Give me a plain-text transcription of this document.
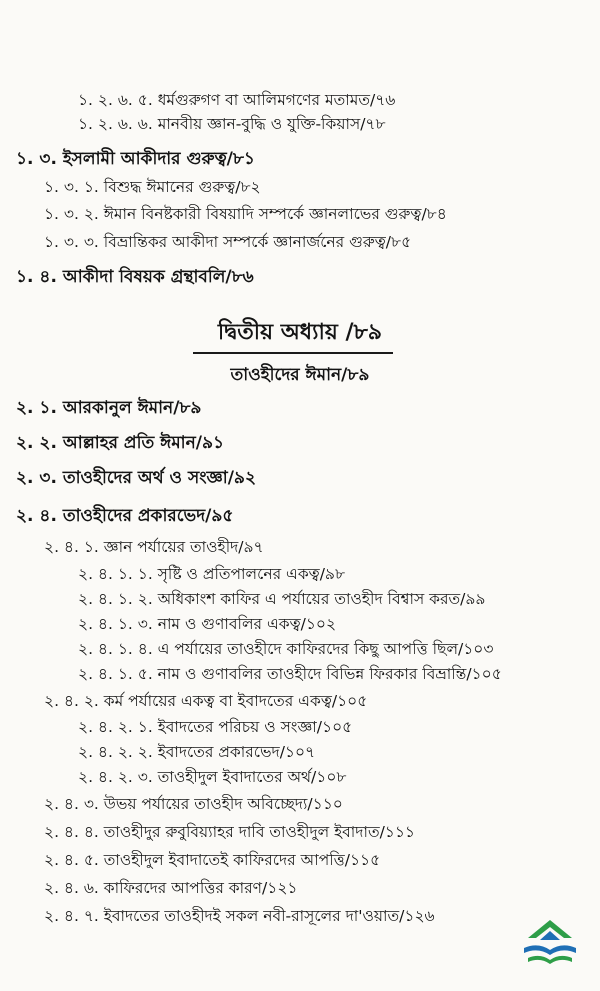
১. ২. ৬. ৫. ধর্মগুরুগণ বা আলিমগণের মতামত/৭৬
১. ২. ৬. ৬. মানবীয় জ্ঞান-বুদ্ধি ও যুক্তি-কিয়াস/৭৮
১. ৩. ইসলামী আকীদার গুরুত্ব/৮১
১. ৩. ১. বিশুদ্ধ ঈমানের গুরুত্ব/৮২
১. ৩. ২. ঈমান বিনষ্টকারী বিষয়াদি সম্পর্কে জ্ঞানলাভের গুরুত্ব/৮৪
১. ৩. ৩. বিভ্রান্তিকর আকীদা সম্পর্কে জ্ঞানার্জনের গুরুত্ব/৮৫
১. ৪. আকীদা বিষয়ক গ্রন্থাবলি/৮৬
দ্বিতীয় অধ্যায় /৮৯
তাওহীদের ঈমান/৮৯
২. ১. আরকানুল ঈমান/৮৯
২. ২. আল্লাহর প্রতি ঈমান/৯১
২. ৩. তাওহীদের অর্থ ও সংজ্ঞা/৯২
২. ৪. তাওহীদের প্রকারভেদ/৯৫
২. ৪. ১. জ্ঞান পর্যায়ের তাওহীদ/৯৭
২. ৪. ১. ১. সৃষ্টি ও প্রতিপালনের একত্ব/৯৮
২. ৪. ১. ২. অধিকাংশ কাফির এ পর্যায়ের তাওহীদ বিশ্বাস করত/৯৯
২. ৪. ১. ৩. নাম ও গুণাবলির একত্ব/১০২
২. ৪. ১. ৪. এ পর্যায়ের তাওহীদে কাফিরদের কিছু আপত্তি ছিল/১০৩
২. ৪. ১. ৫. নাম ও গুণাবলির তাওহীদে বিভিন্ন ফিরকার বিভ্রান্তি/১০৫
২. ৪. ২. কর্ম পর্যায়ের একত্ব বা ইবাদতের একত্ব/১০৫
২. ৪. ২. ১. ইবাদতের পরিচয় ও সংজ্ঞা/১০৫
২. ৪. ২. ২. ইবাদতের প্রকারভেদ/১০৭
২. ৪. ২. ৩. তাওহীদুল ইবাদাতের অর্থ/১০৮
২. ৪. ৩. উভয় পর্যায়ের তাওহীদ অবিচ্ছেদ্য/১১০
২. ৪. ৪. তাওহীদুর রুবুবিয়্যাহর দাবি তাওহীদুল ইবাদাত/১১১
২. ৪. ৫. তাওহীদুল ইবাদাতেই কাফিরদের আপত্তি/১১৫
২. ৪. ৬. কাফিরদের আপত্তির কারণ/১২১
২. ৪. ৭. ইবাদতের তাওহীদই সকল নবী-রাসূলের দা'ওয়াত/১২৬
